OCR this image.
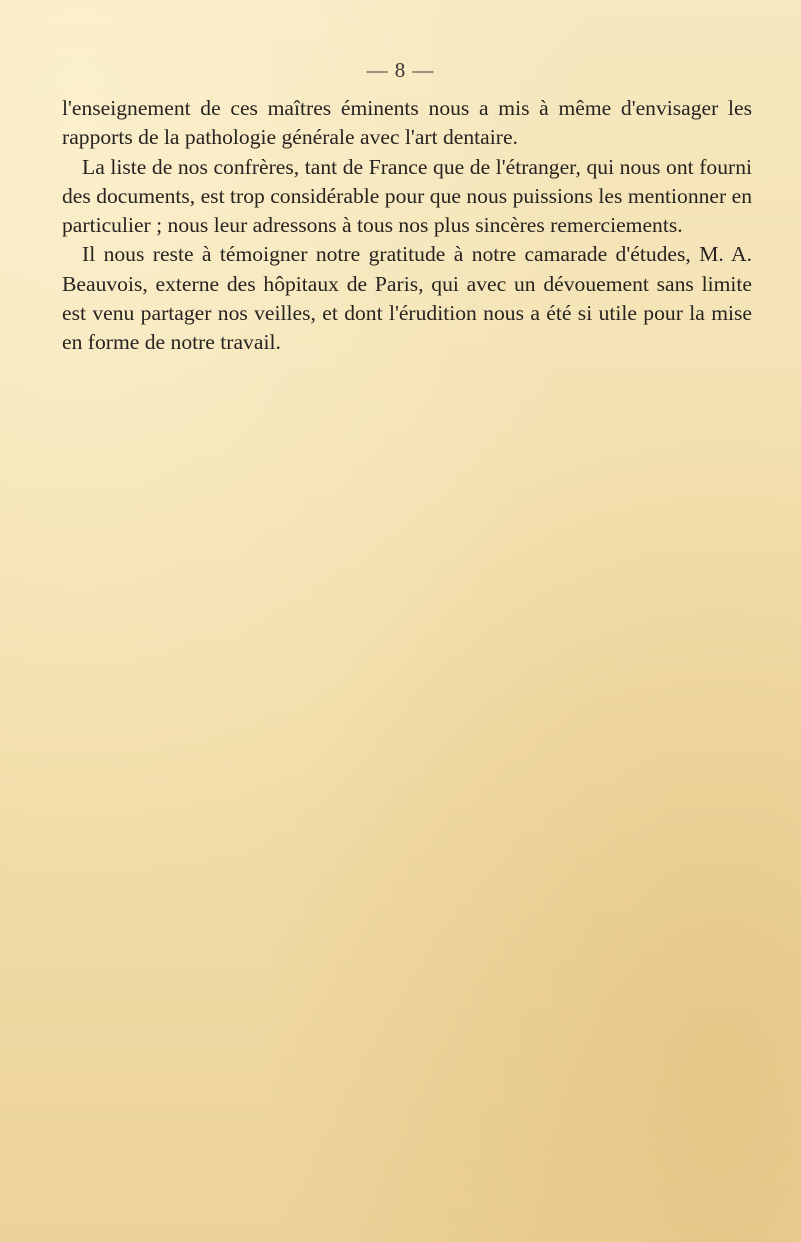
— 8 —

l'enseignement de ces maîtres éminents nous a mis à même d'envisager les rapports de la pathologie générale avec l'art dentaire.

La liste de nos confrères, tant de France que de l'étranger, qui nous ont fourni des documents, est trop considérable pour que nous puissions les mentionner en particulier ; nous leur adressons à tous nos plus sincères remerciements.

Il nous reste à témoigner notre gratitude à notre camarade d'études, M. A. Beauvois, externe des hôpitaux de Paris, qui avec un dévouement sans limite est venu partager nos veilles, et dont l'érudition nous a été si utile pour la mise en forme de notre travail.
